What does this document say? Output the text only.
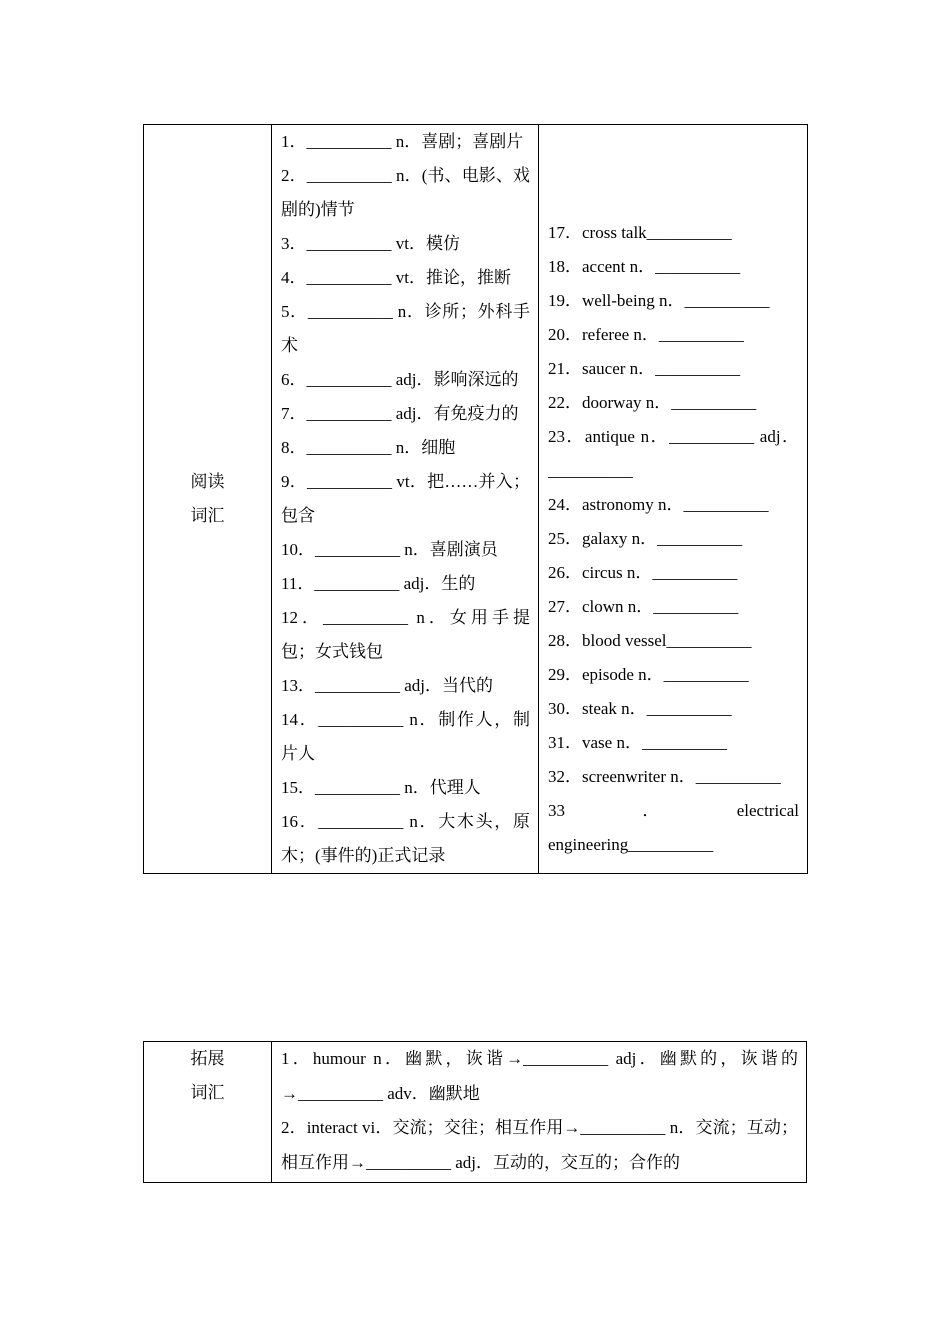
阅读
词汇

1．__________ n．喜剧；喜剧片
2．__________ n．(书、电影、戏剧的)情节
3．__________ vt．模仿
4．__________ vt．推论，推断
5．__________ n．诊所；外科手术
6．__________ adj．影响深远的
7．__________ adj．有免疫力的
8．__________ n．细胞
9．__________ vt．把……并入；包含
10．__________ n．喜剧演员
11．__________ adj．生的
12．__________ n．女用手提包；女式钱包
13．__________ adj．当代的
14．__________ n．制作人，制片人
15．__________ n．代理人
16．__________ n．大木头，原木；(事件的)正式记录

17．cross talk__________
18．accent n．__________
19．well-being n．__________
20．referee n．__________
21．saucer n．__________
22．doorway n．__________
23．antique n．__________ adj．__________
24．astronomy n．__________
25．galaxy n．__________
26．circus n．__________
27．clown n．__________
28．blood vessel__________
29．episode n．__________
30．steak n．__________
31．vase n．__________
32．screenwriter n．__________
33．electrical engineering__________
拓展
词汇

1．humour n．幽默，诙谐→__________ adj．幽默的，诙谐的→__________ adv．幽默地
2．interact vi．交流；交往；相互作用→__________ n．交流；互动；相互作用→__________ adj．互动的，交互的；合作的
